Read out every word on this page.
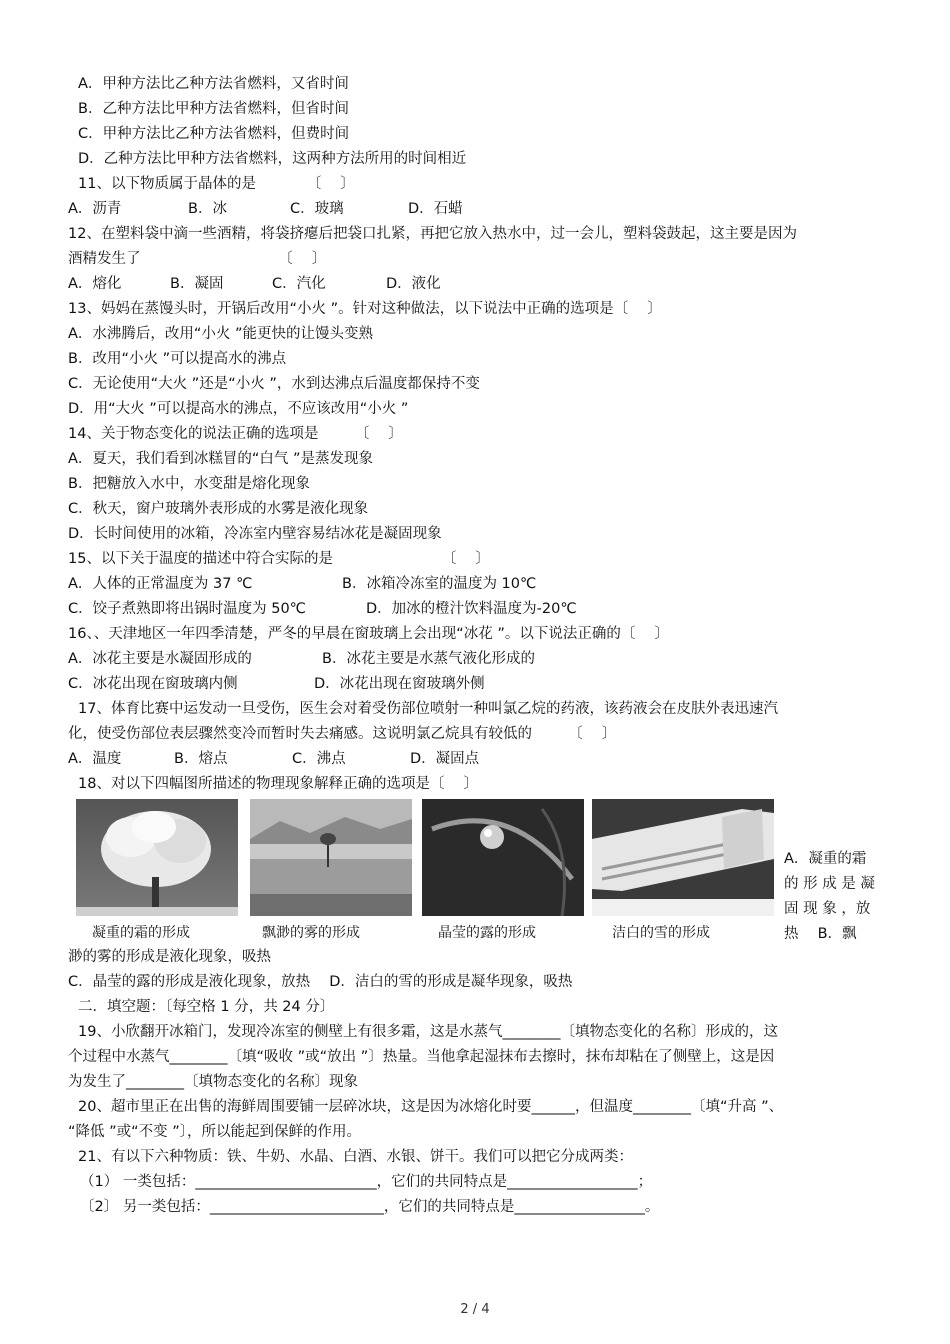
A．甲种方法比乙种方法省燃料，又省时间
B．乙种方法比甲种方法省燃料，但省时间
C．甲种方法比乙种方法省燃料，但费时间
D．乙种方法比甲种方法省燃料，这两种方法所用的时间相近
11、以下物质属于晶体的是　　　　〔　 〕
A．沥青	B．冰	C．玻璃	D．石蜡
12、在塑料袋中滴一些酒精，将袋挤瘪后把袋口扎紧，再把它放入热水中，过一会儿，塑料袋鼓起，这主要是因为
酒精发生了　　　　　　　　　　〔　 〕
A．熔化	B．凝固	C．汽化	D．液化
13、妈妈在蒸馒头时，开锅后改用“小火 ”。针对这种做法，以下说法中正确的选项是〔　 〕
A．水沸腾后，改用“小火 ”能更快的让馒头变熟
B．改用“小火 ”可以提高水的沸点
C．无论使用“大火 ”还是“小火 ”，水到达沸点后温度都保持不变
D．用“大火 ”可以提高水的沸点，不应该改用“小火 ”
14、关于物态变化的说法正确的选项是　　　〔　 〕
A．夏天，我们看到冰糕冒的“白气 ”是蒸发现象
B．把糖放入水中，水变甜是熔化现象
C．秋天，窗户玻璃外表形成的水雾是液化现象
D．长时间使用的冰箱，冷冻室内壁容易结冰花是凝固现象
15、以下关于温度的描述中符合实际的是　　　　　　　　〔　 〕
A．人体的正常温度为 37 ℃	B．冰箱冷冻室的温度为 10℃
C．饺子煮熟即将出锅时温度为 50℃	D．加冰的橙汁饮料温度为-20℃
16、、天津地区一年四季清楚，严冬的早晨在窗玻璃上会出现“冰花 ”。以下说法正确的〔　 〕
A．冰花主要是水凝固形成的	B．冰花主要是水蒸气液化形成的
C．冰花出现在窗玻璃内侧	D．冰花出现在窗玻璃外侧
17、体育比赛中运发动一旦受伤，医生会对着受伤部位喷射一种叫氯乙烷的药液，该药液会在皮肤外表迅速汽
化，使受伤部位表层骤然变冷而暂时失去痛感。这说明氯乙烷具有较低的　　　〔　 〕
A．温度	B．熔点	C．沸点	D．凝固点
18、对以下四幅图所描述的物理现象解释正确的选项是〔　 〕
凝重的霜的形成	飘渺的雾的形成	晶莹的露的形成	洁白的雪的形成
A．凝重的霜
的 形 成 是 凝
固 现 象 ，放
热　 B．飘
渺的雾的形成是液化现象，吸热
C．晶莹的露的形成是液化现象，放热　 D．洁白的雪的形成是凝华现象，吸热
二．填空题：〔每空格 1 分，共 24 分〕
19、小欣翻开冰箱门，发现冷冻室的侧壁上有很多霜，这是水蒸气________〔填物态变化的名称〕形成的，这
个过程中水蒸气________〔填“吸收 ”或“放出 ”〕热量。当他拿起湿抹布去擦时，抹布却粘在了侧壁上，这是因
为发生了________〔填物态变化的名称〕现象
20、超市里正在出售的海鲜周围要铺一层碎冰块，这是因为冰熔化时要______，但温度________〔填“升高 ”、
“降低 ”或“不变 ”〕，所以能起到保鲜的作用。
21、有以下六种物质：铁、牛奶、水晶、白酒、水银、饼干。我们可以把它分成两类：
（1） 一类包括：_________________________，它们的共同特点是__________________；
〔2〕 另一类包括：________________________，它们的共同特点是__________________。
2 / 4
